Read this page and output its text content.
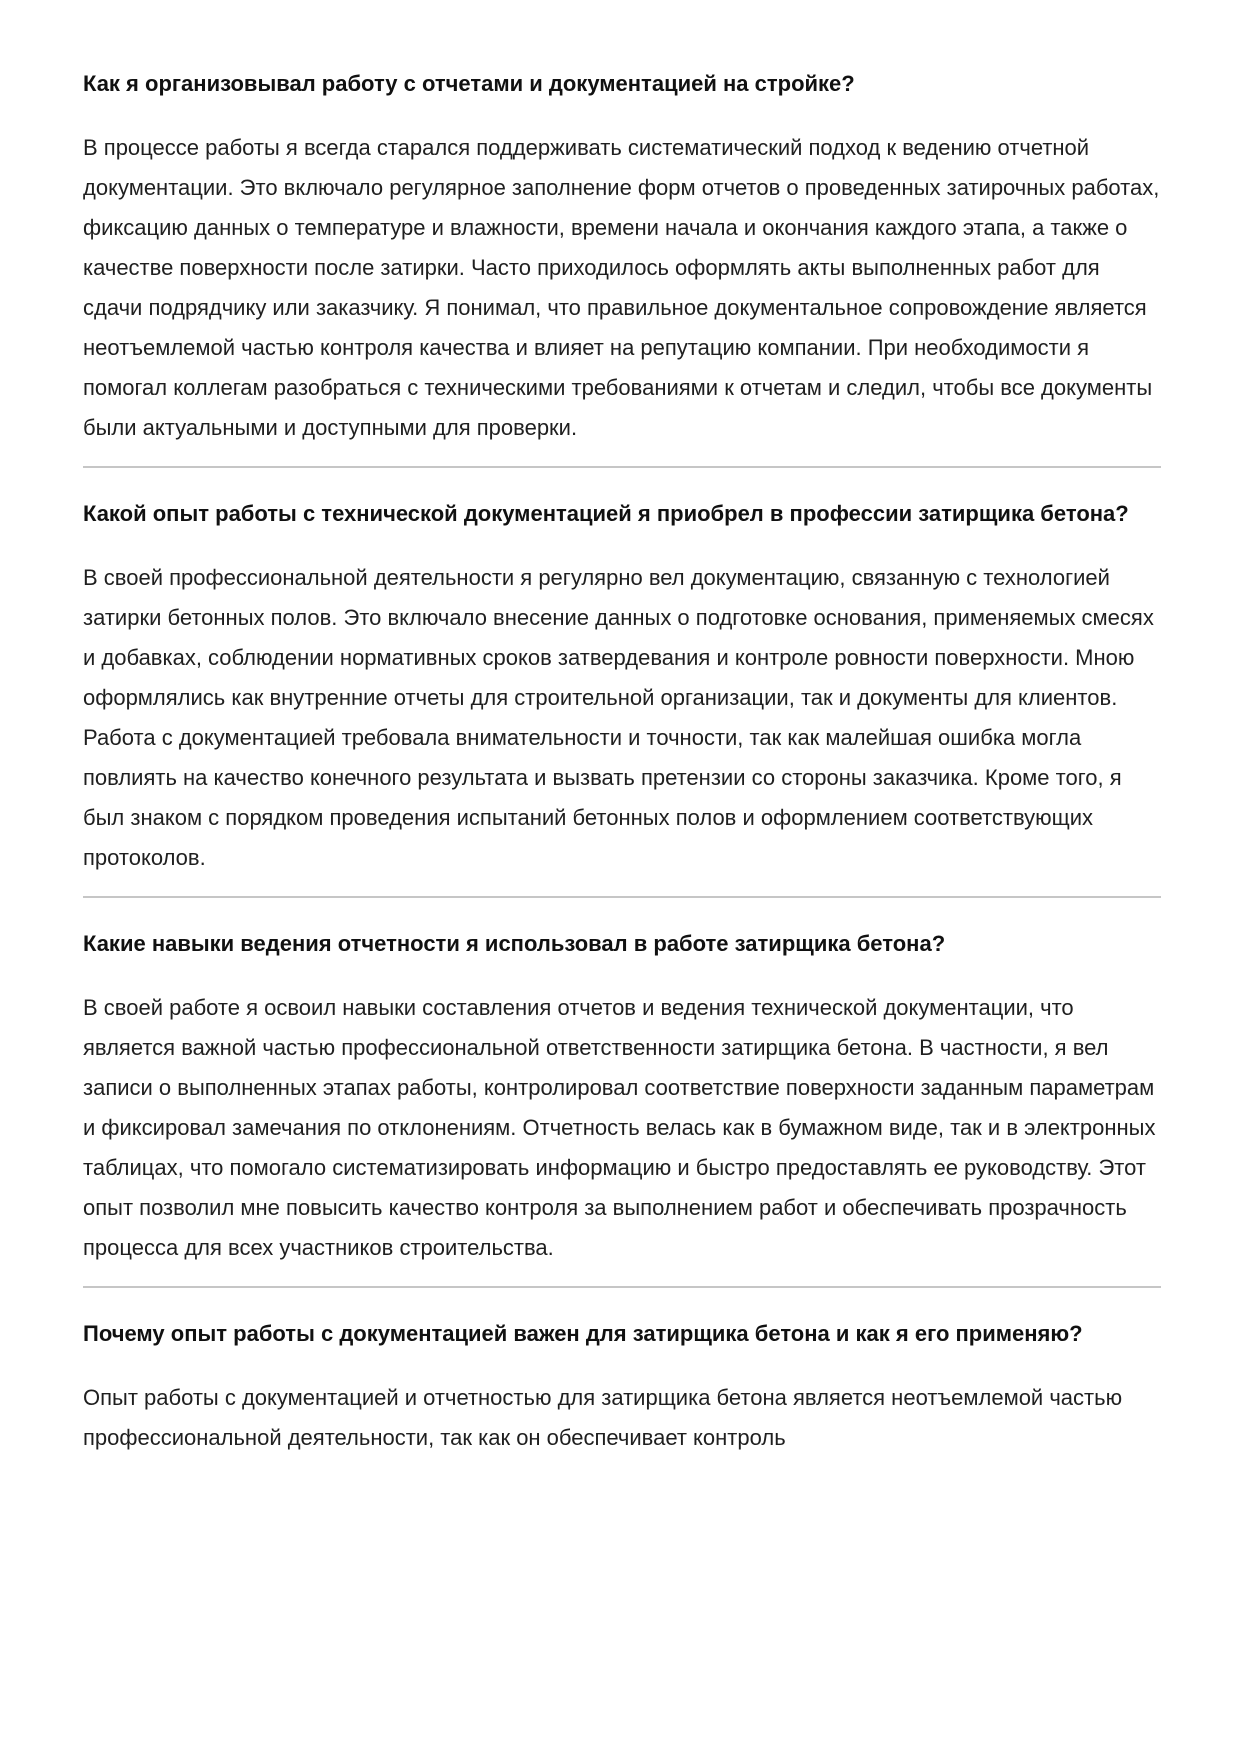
Как я организовывал работу с отчетами и документацией на стройке?

В процессе работы я всегда старался поддерживать систематический подход к ведению отчетной документации. Это включало регулярное заполнение форм отчетов о проведенных затирочных работах, фиксацию данных о температуре и влажности, времени начала и окончания каждого этапа, а также о качестве поверхности после затирки. Часто приходилось оформлять акты выполненных работ для сдачи подрядчику или заказчику. Я понимал, что правильное документальное сопровождение является неотъемлемой частью контроля качества и влияет на репутацию компании. При необходимости я помогал коллегам разобраться с техническими требованиями к отчетам и следил, чтобы все документы были актуальными и доступными для проверки.

Какой опыт работы с технической документацией я приобрел в профессии затирщика бетона?

В своей профессиональной деятельности я регулярно вел документацию, связанную с технологией затирки бетонных полов. Это включало внесение данных о подготовке основания, применяемых смесях и добавках, соблюдении нормативных сроков затвердевания и контроле ровности поверхности. Мною оформлялись как внутренние отчеты для строительной организации, так и документы для клиентов. Работа с документацией требовала внимательности и точности, так как малейшая ошибка могла повлиять на качество конечного результата и вызвать претензии со стороны заказчика. Кроме того, я был знаком с порядком проведения испытаний бетонных полов и оформлением соответствующих протоколов.

Какие навыки ведения отчетности я использовал в работе затирщика бетона?

В своей работе я освоил навыки составления отчетов и ведения технической документации, что является важной частью профессиональной ответственности затирщика бетона. В частности, я вел записи о выполненных этапах работы, контролировал соответствие поверхности заданным параметрам и фиксировал замечания по отклонениям. Отчетность велась как в бумажном виде, так и в электронных таблицах, что помогало систематизировать информацию и быстро предоставлять ее руководству. Этот опыт позволил мне повысить качество контроля за выполнением работ и обеспечивать прозрачность процесса для всех участников строительства.

Почему опыт работы с документацией важен для затирщика бетона и как я его применяю?

Опыт работы с документацией и отчетностью для затирщика бетона является неотъемлемой частью профессиональной деятельности, так как он обеспечивает контроль
